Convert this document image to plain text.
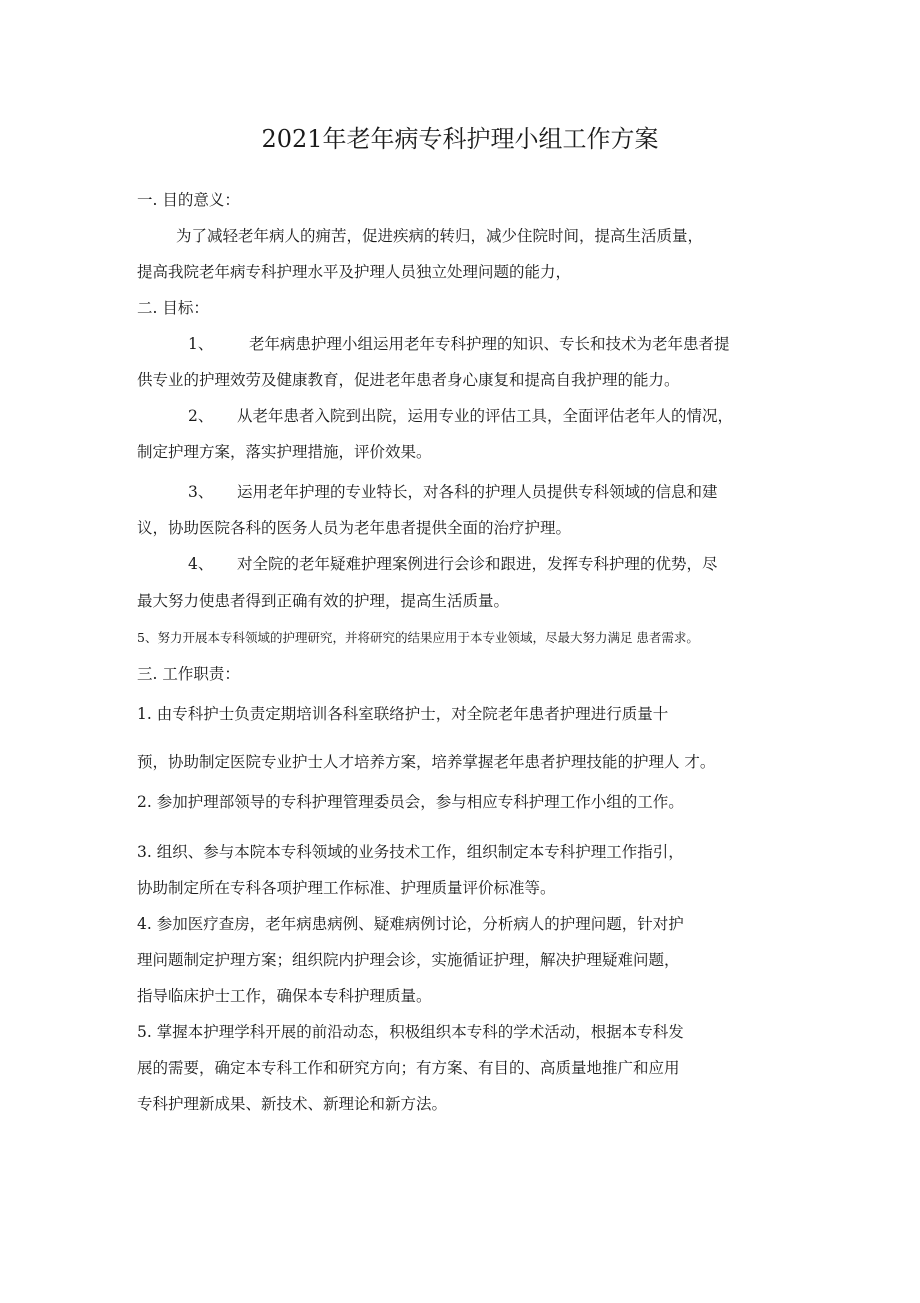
2021年老年病专科护理小组工作方案
一. 目的意义：
为了减轻老年病人的痈苦，促进疾病的转归，减少住院时间，提高生活质量，
提高我院老年病专科护理水平及护理人员独立处理问题的能力，
二. 目标：
1、 老年病患护理小组运用老年专科护理的知识、专长和技术为老年患者提
供专业的护理效劳及健康教育，促进老年患者身心康复和提高自我护理的能力。
2、 从老年患者入院到出院，运用专业的评估工具，全面评估老年人的情况，
制定护理方案，落实护理措施，评价效果。
3、 运用老年护理的专业特长，对各科的护理人员提供专科领域的信息和建
议，协助医院各科的医务人员为老年患者提供全面的治疗护理。
4、 对全院的老年疑难护理案例进行会诊和跟进，发挥专科护理的优势，尽
最大努力使患者得到正确有效的护理，提高生活质量。
5、努力开展本专科领域的护理研究，并将研究的结果应用于本专业领域，尽最大努力满足 患者需求。
三. 工作职责：
1. 由专科护士负责定期培训各科室联络护士，对全院老年患者护理进行质量十
预，协助制定医院专业护士人才培养方案，培养掌握老年患者护理技能的护理人 才。
2. 参加护理部领导的专科护理管理委员会，参与相应专科护理工作小组的工作。
3. 组织、参与本院本专科领域的业务技术工作，组织制定本专科护理工作指引，
协助制定所在专科各项护理工作标准、护理质量评价标准等。
4. 参加医疗查房，老年病患病例、疑难病例讨论，分析病人的护理问题，针对护
理问题制定护理方案；组织院内护理会诊，实施循证护理，解决护理疑难问题，
指导临床护士工作，确保本专科护理质量。
5. 掌握本护理学科开展的前沿动态，积极组织本专科的学术活动，根据本专科发
展的需要，确定本专科工作和研究方向；有方案、有目的、高质量地推广和应用
专科护理新成果、新技术、新理论和新方法。
